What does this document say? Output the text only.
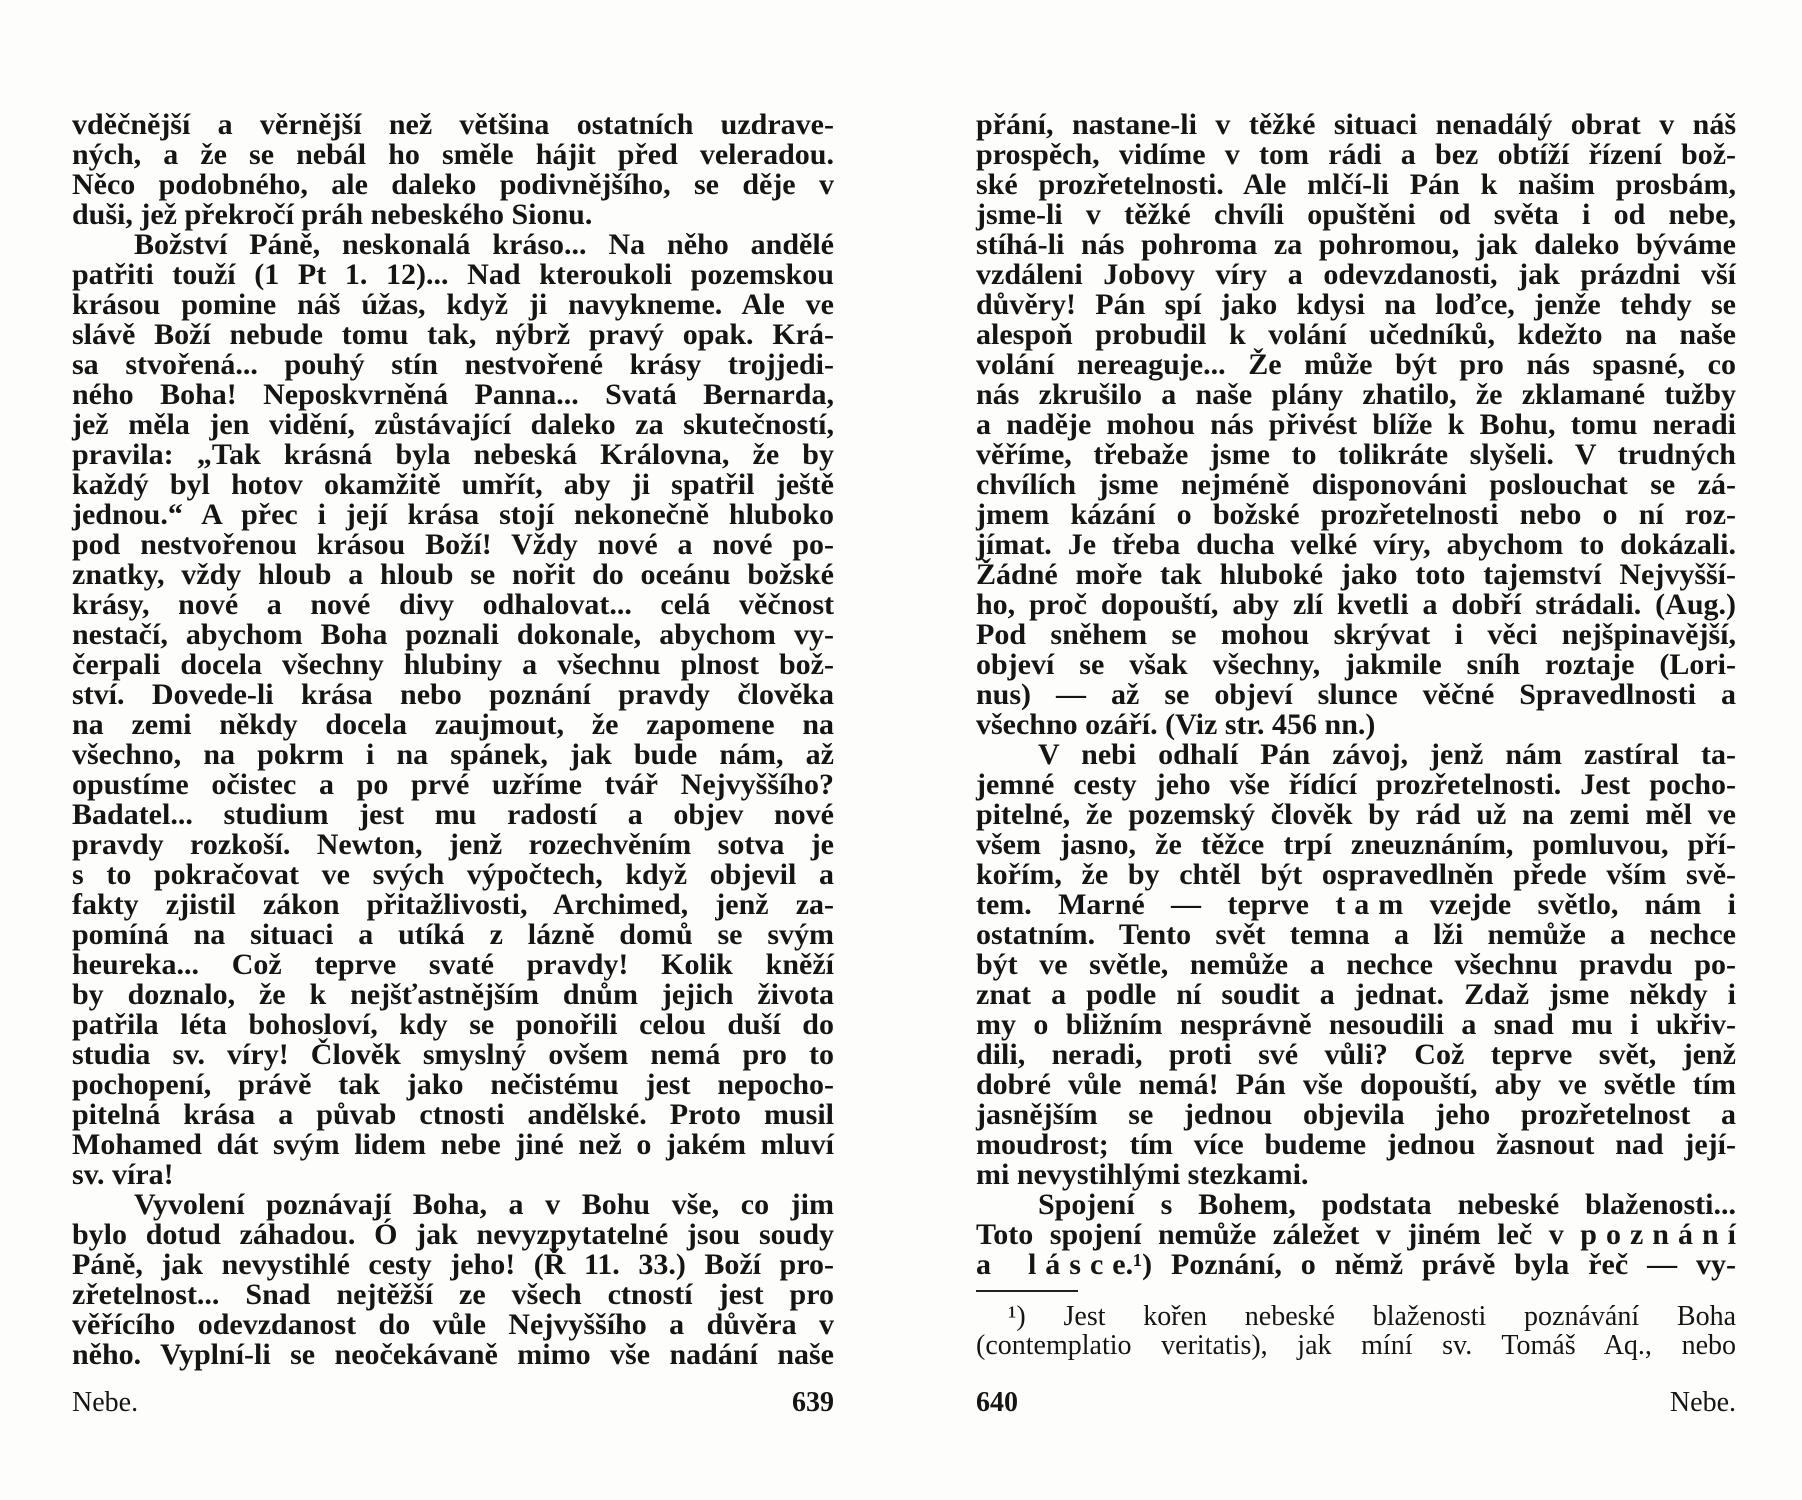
vděčnější a věrnější než většina ostatních uzdrave-
ných, a že se nebál ho směle hájit před veleradou.
Něco podobného, ale daleko podivnějšího, se děje v
duši, jež překročí práh nebeského Sionu.
Božství Páně, neskonalá kráso... Na něho andělé
patřiti touží (1 Pt 1. 12)... Nad kteroukoli pozemskou
krásou pomine náš úžas, když ji navykneme. Ale ve
slávě Boží nebude tomu tak, nýbrž pravý opak. Krá-
sa stvořená... pouhý stín nestvořené krásy trojjedi-
ného Boha! Neposkvrněná Panna... Svatá Bernarda,
jež měla jen vidění, zůstávající daleko za skutečností,
pravila: „Tak krásná byla nebeská Královna, že by
každý byl hotov okamžitě umřít, aby ji spatřil ještě
jednou.“ A přec i její krása stojí nekonečně hluboko
pod nestvořenou krásou Boží! Vždy nové a nové po-
znatky, vždy hloub a hloub se nořit do oceánu božské
krásy, nové a nové divy odhalovat... celá věčnost
nestačí, abychom Boha poznali dokonale, abychom vy-
čerpali docela všechny hlubiny a všechnu plnost bož-
ství. Dovede-li krása nebo poznání pravdy člověka
na zemi někdy docela zaujmout, že zapomene na
všechno, na pokrm i na spánek, jak bude nám, až
opustíme očistec a po prvé uzříme tvář Nejvyššího?
Badatel... studium jest mu radostí a objev nové
pravdy rozkoší. Newton, jenž rozechvěním sotva je
s to pokračovat ve svých výpočtech, když objevil a
fakty zjistil zákon přitažlivosti, Archimed, jenž za-
pomíná na situaci a utíká z lázně domů se svým
heureka... Což teprve svaté pravdy! Kolik kněží
by doznalo, že k nejšťastnějším dnům jejich života
patřila léta bohosloví, kdy se ponořili celou duší do
studia sv. víry! Člověk smyslný ovšem nemá pro to
pochopení, právě tak jako nečistému jest nepocho-
pitelná krása a půvab ctnosti andělské. Proto musil
Mohamed dát svým lidem nebe jiné než o jakém mluví
sv. víra!
Vyvolení poznávají Boha, a v Bohu vše, co jim
bylo dotud záhadou. Ó jak nevyzpytatelné jsou soudy
Páně, jak nevystihlé cesty jeho! (Ř 11. 33.) Boží pro-
zřetelnost... Snad nejtěžší ze všech ctností jest pro
věřícího odevzdanost do vůle Nejvyššího a důvěra v
něho. Vyplní-li se neočekávaně mimo vše nadání naše
Nebe.	639
přání, nastane-li v těžké situaci nenadálý obrat v náš
prospěch, vidíme v tom rádi a bez obtíží řízení bož-
ské prozřetelnosti. Ale mlčí-li Pán k našim prosbám,
jsme-li v těžké chvíli opuštěni od světa i od nebe,
stíhá-li nás pohroma za pohromou, jak daleko býváme
vzdáleni Jobovy víry a odevzdanosti, jak prázdni vší
důvěry! Pán spí jako kdysi na loďce, jenže tehdy se
alespoň probudil k volání učedníků, kdežto na naše
volání nereaguje... Že může být pro nás spasné, co
nás zkrušilo a naše plány zhatilo, že zklamané tužby
a naděje mohou nás přivést blíže k Bohu, tomu neradi
věříme, třebaže jsme to tolikráte slyšeli. V trudných
chvílích jsme nejméně disponováni poslouchat se zá-
jmem kázání o božské prozřetelnosti nebo o ní roz-
jímat. Je třeba ducha velké víry, abychom to dokázali.
Žádné moře tak hluboké jako toto tajemství Nejvyšší-
ho, proč dopouští, aby zlí kvetli a dobří strádali. (Aug.)
Pod sněhem se mohou skrývat i věci nejšpinavější,
objeví se však všechny, jakmile sníh roztaje (Lori-
nus) — až se objeví slunce věčné Spravedlnosti a
všechno ozáří. (Viz str. 456 nn.)
V nebi odhalí Pán závoj, jenž nám zastíral ta-
jemné cesty jeho vše řídící prozřetelnosti. Jest pocho-
pitelné, že pozemský člověk by rád už na zemi měl ve
všem jasno, že těžce trpí zneuznáním, pomluvou, pří-
kořím, že by chtěl být ospravedlněn přede vším svě-
tem. Marné — teprve tam vzejde světlo, nám i
ostatním. Tento svět temna a lži nemůže a nechce
být ve světle, nemůže a nechce všechnu pravdu po-
znat a podle ní soudit a jednat. Zdaž jsme někdy i
my o bližním nesprávně nesoudili a snad mu i ukřiv-
dili, neradi, proti své vůli? Což teprve svět, jenž
dobré vůle nemá! Pán vše dopouští, aby ve světle tím
jasnějším se jednou objevila jeho prozřetelnost a
moudrost; tím více budeme jednou žasnout nad její-
mi nevystihlými stezkami.
Spojení s Bohem, podstata nebeské blaženosti...
Toto spojení nemůže záležet v jiném leč v poznání
a lásce.¹) Poznání, o němž právě byla řeč — vy-
¹) Jest kořen nebeské blaženosti poznávání Boha
(contemplatio veritatis), jak míní sv. Tomáš Aq., nebo
640	Nebe.
